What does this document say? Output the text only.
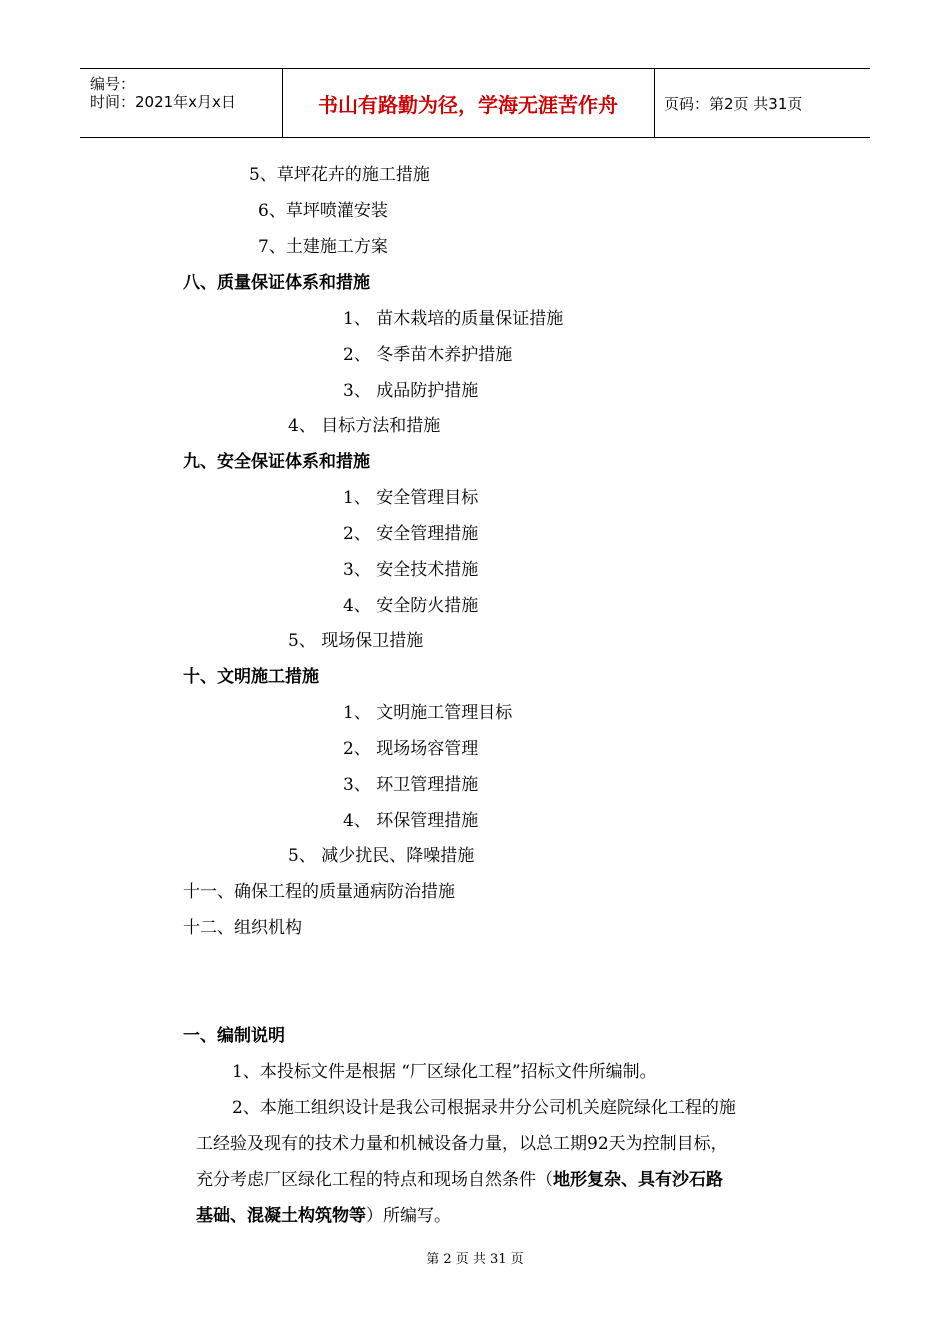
编号：
时间：2021年x月x日	书山有路勤为径，学海无涯苦作舟	页码：第2页 共31页
5、草坪花卉的施工措施
6、草坪喷灌安装
7、土建施工方案
八、质量保证体系和措施
1、 苗木栽培的质量保证措施
2、 冬季苗木养护措施
3、 成品防护措施
4、 目标方法和措施
九、安全保证体系和措施
1、 安全管理目标
2、 安全管理措施
3、 安全技术措施
4、 安全防火措施
5、 现场保卫措施
十、文明施工措施
1、 文明施工管理目标
2、 现场场容管理
3、 环卫管理措施
4、 环保管理措施
5、 减少扰民、降噪措施
十一、确保工程的质量通病防治措施
十二、组织机构
一、编制说明
1、本投标文件是根据 “厂区绿化工程”招标文件所编制。
2、本施工组织设计是我公司根据录井分公司机关庭院绿化工程的施
工经验及现有的技术力量和机械设备力量，以总工期92天为控制目标，
充分考虑厂区绿化工程的特点和现场自然条件（地形复杂、具有沙石路
基础、混凝土构筑物等）所编写。
第 2 页 共 31 页
